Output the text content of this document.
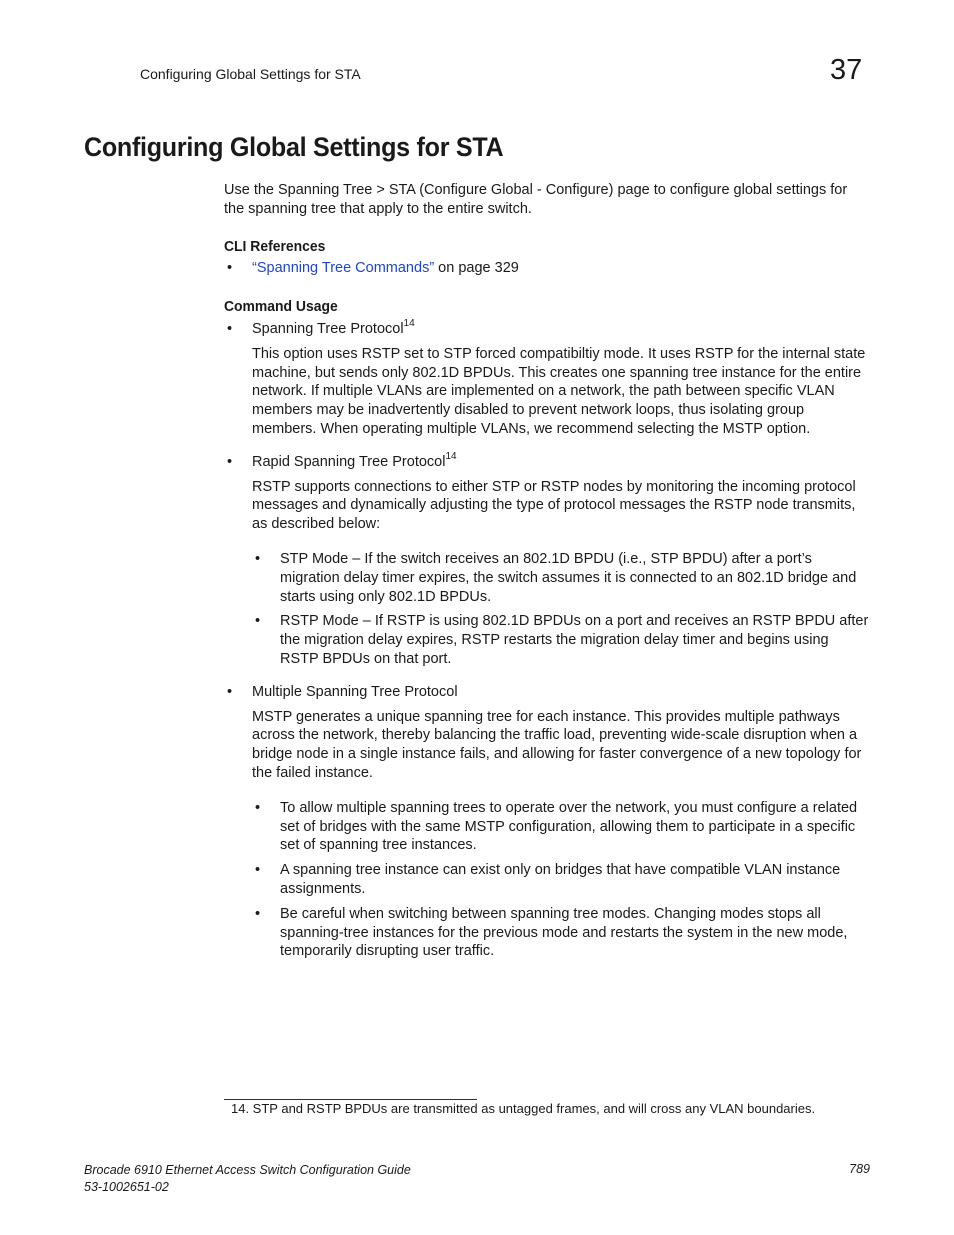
Configuring Global Settings for STA	37
Configuring Global Settings for STA

Use the Spanning Tree > STA (Configure Global - Configure) page to configure global settings for the spanning tree that apply to the entire switch.

CLI References
• “Spanning Tree Commands” on page 329
Command Usage
• Spanning Tree Protocol$^{14}$

This option uses RSTP set to STP forced compatibiltiy mode. It uses RSTP for the internal state machine, but sends only 802.1D BPDUs. This creates one spanning tree instance for the entire network. If multiple VLANs are implemented on a network, the path between specific VLAN members may be inadvertently disabled to prevent network loops, thus isolating group members. When operating multiple VLANs, we recommend selecting the MSTP option.

• Rapid Spanning Tree Protocol$^{14}$

RSTP supports connections to either STP or RSTP nodes by monitoring the incoming protocol messages and dynamically adjusting the type of protocol messages the RSTP node transmits, as described below:

• STP Mode – If the switch receives an 802.1D BPDU (i.e., STP BPDU) after a port’s migration delay timer expires, the switch assumes it is connected to an 802.1D bridge and starts using only 802.1D BPDUs.
• RSTP Mode – If RSTP is using 802.1D BPDUs on a port and receives an RSTP BPDU after the migration delay expires, RSTP restarts the migration delay timer and begins using RSTP BPDUs on that port.
• Multiple Spanning Tree Protocol

MSTP generates a unique spanning tree for each instance. This provides multiple pathways across the network, thereby balancing the traffic load, preventing wide-scale disruption when a bridge node in a single instance fails, and allowing for faster convergence of a new topology for the failed instance.

• To allow multiple spanning trees to operate over the network, you must configure a related set of bridges with the same MSTP configuration, allowing them to participate in a specific set of spanning tree instances.
• A spanning tree instance can exist only on bridges that have compatible VLAN instance assignments.
• Be careful when switching between spanning tree modes. Changing modes stops all spanning-tree instances for the previous mode and restarts the system in the new mode, temporarily disrupting user traffic.
14. STP and RSTP BPDUs are transmitted as untagged frames, and will cross any VLAN boundaries.
Brocade 6910 Ethernet Access Switch Configuration Guide
53-1002651-02
789
